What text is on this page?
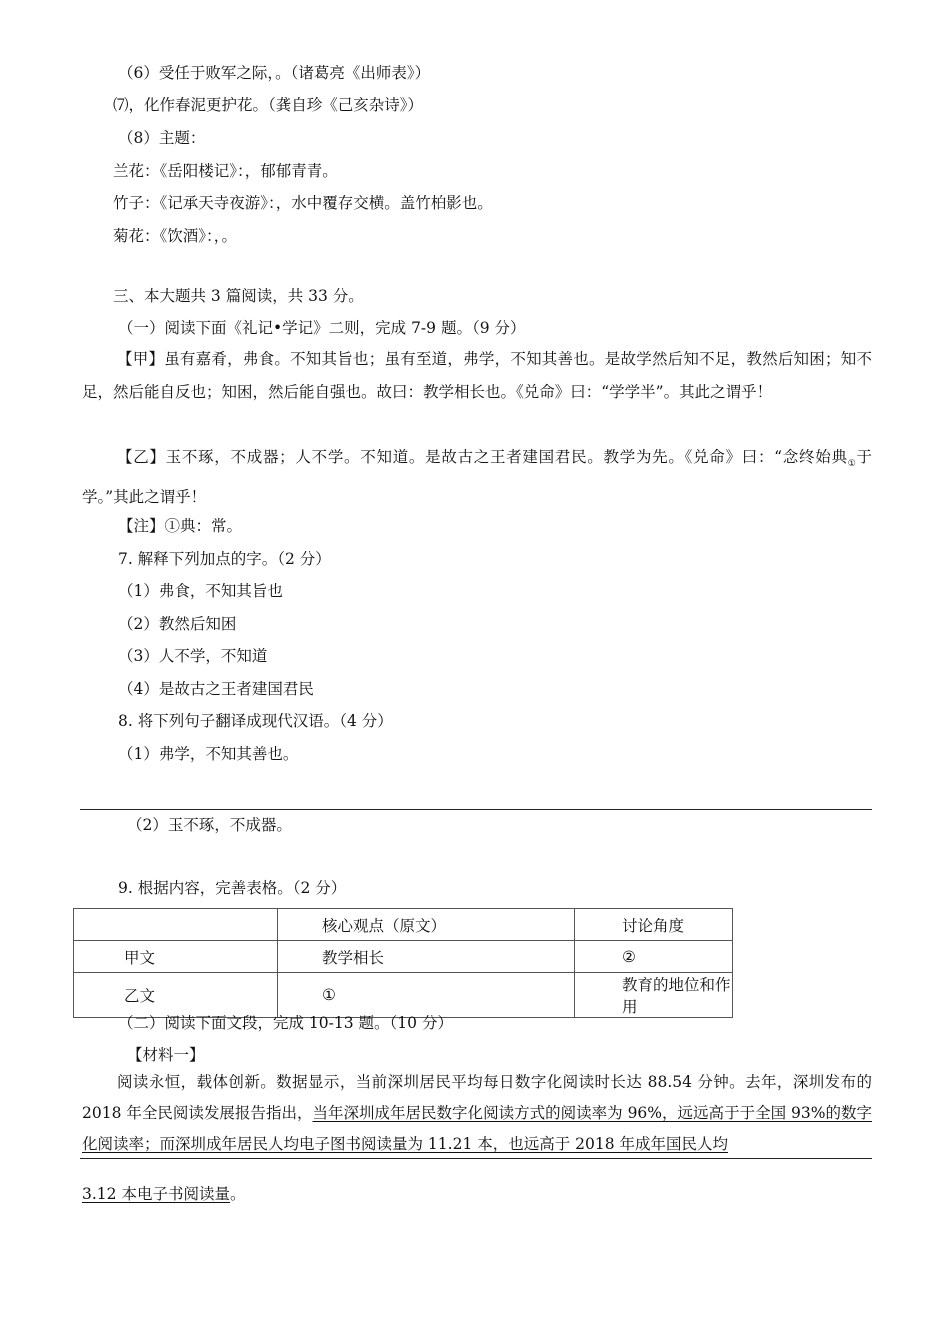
（6）受任于败军之际，。（诸葛亮《出师表》）
⑺，化作春泥更护花。（龚自珍《己亥杂诗》）
（8）主题：
兰花：《岳阳楼记》：，郁郁青青。
竹子：《记承天寺夜游》：，水中覆存交横。盖竹柏影也。
菊花：《饮酒》：，。
三、本大题共 3 篇阅读，共 33 分。
（一）阅读下面《礼记•学记》二则，完成 7-9 题。（9 分）
【甲】虽有嘉肴，弗食。不知其旨也；虽有至道，弗学，不知其善也。是故学然后知不足，教然后知困；知不足，然后能自反也；知困，然后能自强也。故曰：教学相长也。《兑命》曰：“学学半”。其此之谓乎！
【乙】玉不琢，不成器；人不学。不知道。是故古之王者建国君民。教学为先。《兑命》曰：“念终始典$_①$于学。”其此之谓乎！
【注】①典：常。
7. 解释下列加点的字。（2 分）
（1）弗食，不知其旨也
（2）教然后知困
（3）人不学，不知道
（4）是故古之王者建国君民
8. 将下列句子翻译成现代汉语。（4 分）
（1）弗学，不知其善也。
（2）玉不琢，不成器。
9. 根据内容，完善表格。（2 分）
	核心观点（原文）	讨论角度
甲文	教学相长	②
乙文	①	教育的地位和作用
（二）阅读下面文段，完成 10-13 题。（10 分）
【材料一】
阅读永恒，载体创新。数据显示，当前深圳居民平均每日数字化阅读时长达 88.54 分钟。去年，深圳发布的 2018 年全民阅读发展报告指出，当年深圳成年居民数字化阅读方式的阅读率为 96%，远远高于于全国 93%的数字化阅读率；而深圳成年居民人均电子图书阅读量为 11.21 本，也远高于 2018 年成年国民人均
3.12 本电子书阅读量。
